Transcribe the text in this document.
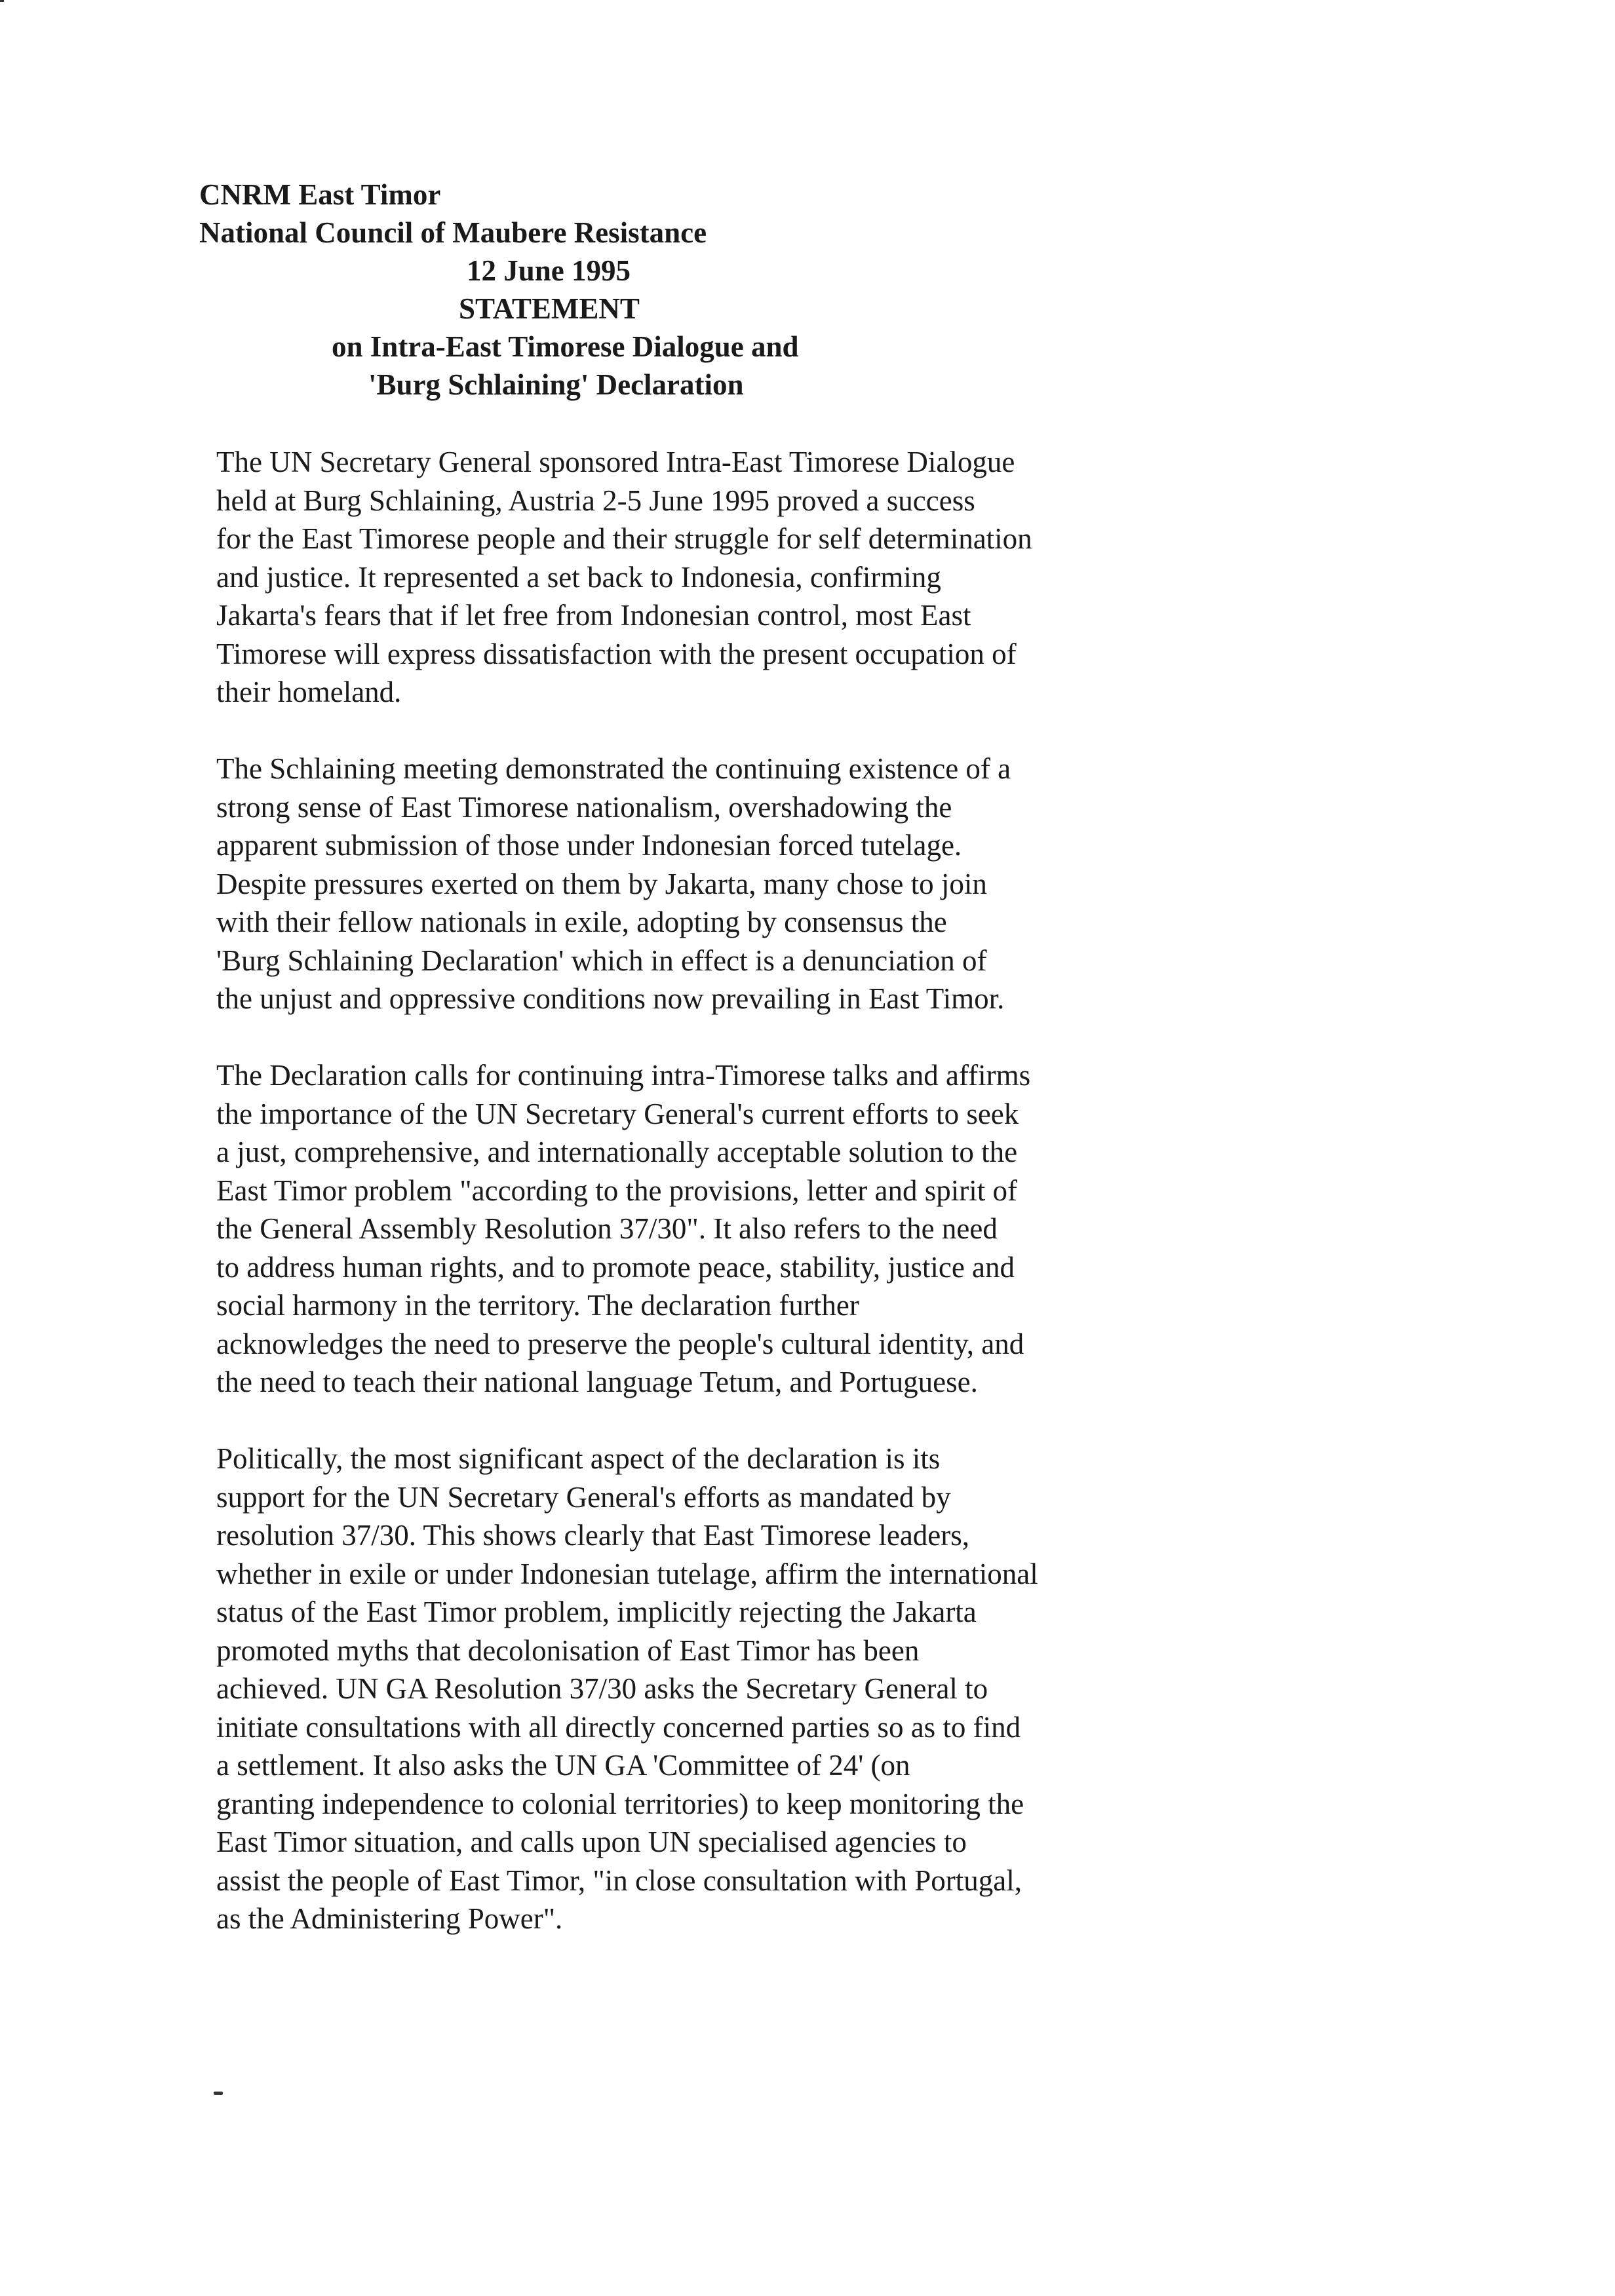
CNRM East Timor
National Council of Maubere Resistance
12 June 1995
STATEMENT
on Intra-East Timorese Dialogue and
'Burg Schlaining' Declaration

The UN Secretary General sponsored Intra-East Timorese Dialogue
held at Burg Schlaining, Austria 2-5 June 1995 proved a success
for the East Timorese people and their struggle for self determination
and justice. It represented a set back to Indonesia, confirming
Jakarta's fears that if let free from Indonesian control, most East
Timorese will express dissatisfaction with the present occupation of
their homeland.

The Schlaining meeting demonstrated the continuing existence of a
strong sense of East Timorese nationalism, overshadowing the
apparent submission of those under Indonesian forced tutelage.
Despite pressures exerted on them by Jakarta, many chose to join
with their fellow nationals in exile, adopting by consensus the
'Burg Schlaining Declaration' which in effect is a denunciation of
the unjust and oppressive conditions now prevailing in East Timor.

The Declaration calls for continuing intra-Timorese talks and affirms
the importance of the UN Secretary General's current efforts to seek
a just, comprehensive, and internationally acceptable solution to the
East Timor problem "according to the provisions, letter and spirit of
the General Assembly Resolution 37/30". It also refers to the need
to address human rights, and to promote peace, stability, justice and
social harmony in the territory. The declaration further
acknowledges the need to preserve the people's cultural identity, and
the need to teach their national language Tetum, and Portuguese.

Politically, the most significant aspect of the declaration is its
support for the UN Secretary General's efforts as mandated by
resolution 37/30. This shows clearly that East Timorese leaders,
whether in exile or under Indonesian tutelage, affirm the international
status of the East Timor problem, implicitly rejecting the Jakarta
promoted myths that decolonisation of East Timor has been
achieved. UN GA Resolution 37/30 asks the Secretary General to
initiate consultations with all directly concerned parties so as to find
a settlement. It also asks the UN GA 'Committee of 24' (on
granting independence to colonial territories) to keep monitoring the
East Timor situation, and calls upon UN specialised agencies to
assist the people of East Timor, "in close consultation with Portugal,
as the Administering Power".
